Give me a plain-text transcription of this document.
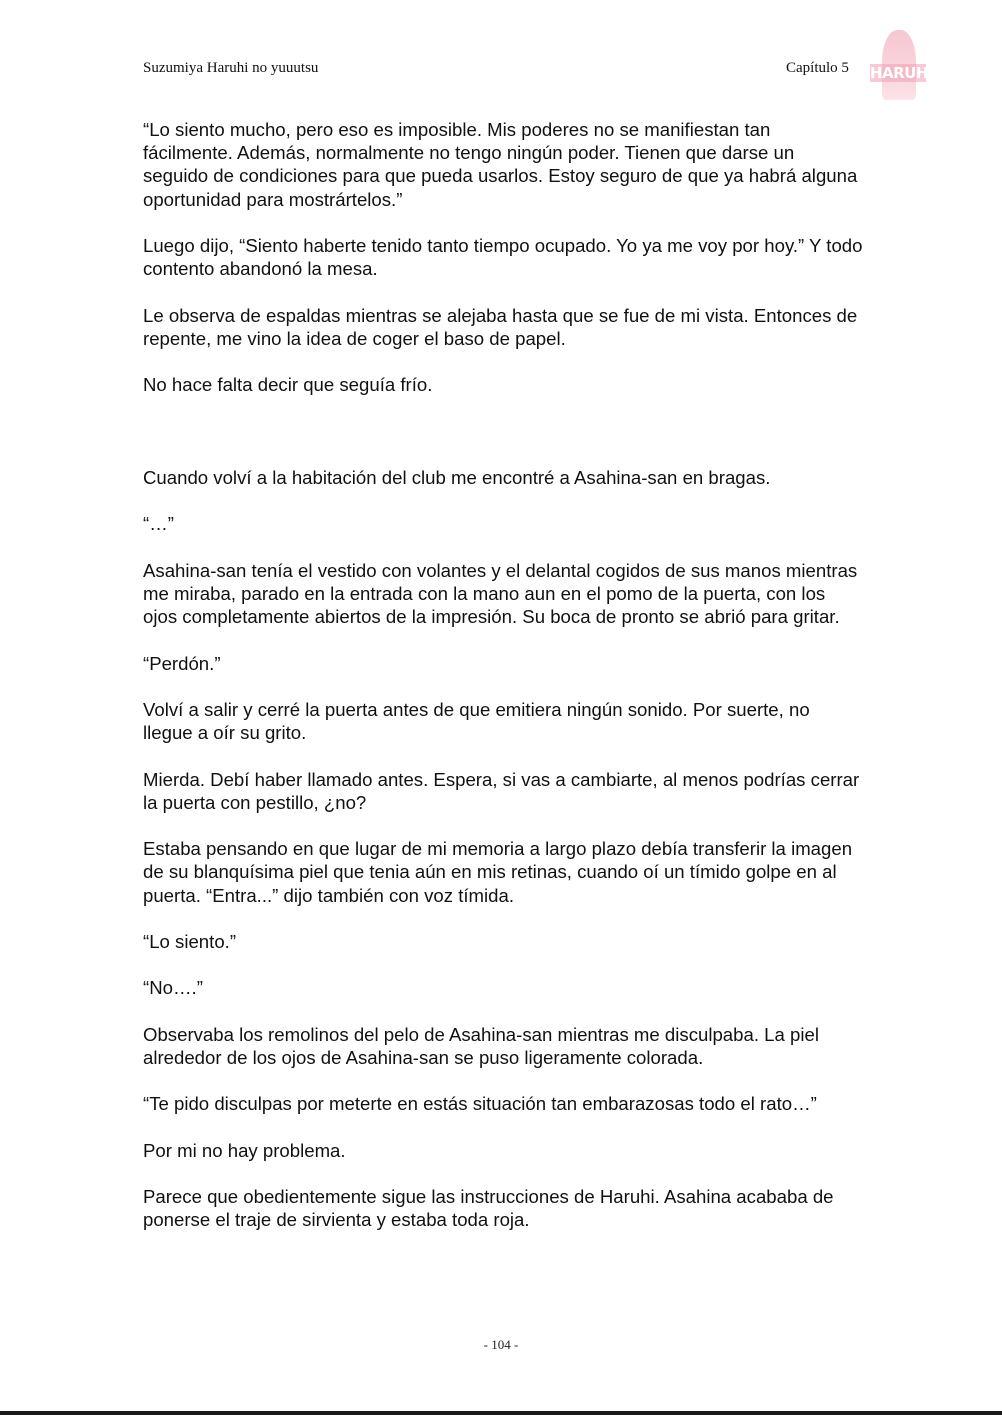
Suzumiya Haruhi no yuuutsu	Capítulo 5 HARUHI

“Lo siento mucho, pero eso es imposible. Mis poderes no se manifiestan tan fácilmente. Además, normalmente no tengo ningún poder. Tienen que darse un seguido de condiciones para que pueda usarlos. Estoy seguro de que ya habrá alguna oportunidad para mostrártelos.”

Luego dijo, “Siento haberte tenido tanto tiempo ocupado. Yo ya me voy por hoy.” Y todo contento abandonó la mesa.

Le observa de espaldas mientras se alejaba hasta que se fue de mi vista. Entonces de repente, me vino la idea de coger el baso de papel.

No hace falta decir que seguía frío.

Cuando volví a la habitación del club me encontré a Asahina-san en bragas.

“…”

Asahina-san tenía el vestido con volantes y el delantal cogidos de sus manos mientras me miraba, parado en la entrada con la mano aun en el pomo de la puerta, con los ojos completamente abiertos de la impresión. Su boca de pronto se abrió para gritar.

“Perdón.”

Volví a salir y cerré la puerta antes de que emitiera ningún sonido. Por suerte, no llegue a oír su grito.

Mierda. Debí haber llamado antes. Espera, si vas a cambiarte, al menos podrías cerrar la puerta con pestillo, ¿no?

Estaba pensando en que lugar de mi memoria a largo plazo debía transferir la imagen de su blanquísima piel que tenia aún en mis retinas, cuando oí un tímido golpe en al puerta. “Entra...” dijo también con voz tímida.

“Lo siento.”

“No….”

Observaba los remolinos del pelo de Asahina-san mientras me disculpaba. La piel alrededor de los ojos de Asahina-san se puso ligeramente colorada.

“Te pido disculpas por meterte en estás situación tan embarazosas todo el rato…”

Por mi no hay problema.

Parece que obedientemente sigue las instrucciones de Haruhi. Asahina acababa de ponerse el traje de sirvienta y estaba toda roja.

- 104 -
